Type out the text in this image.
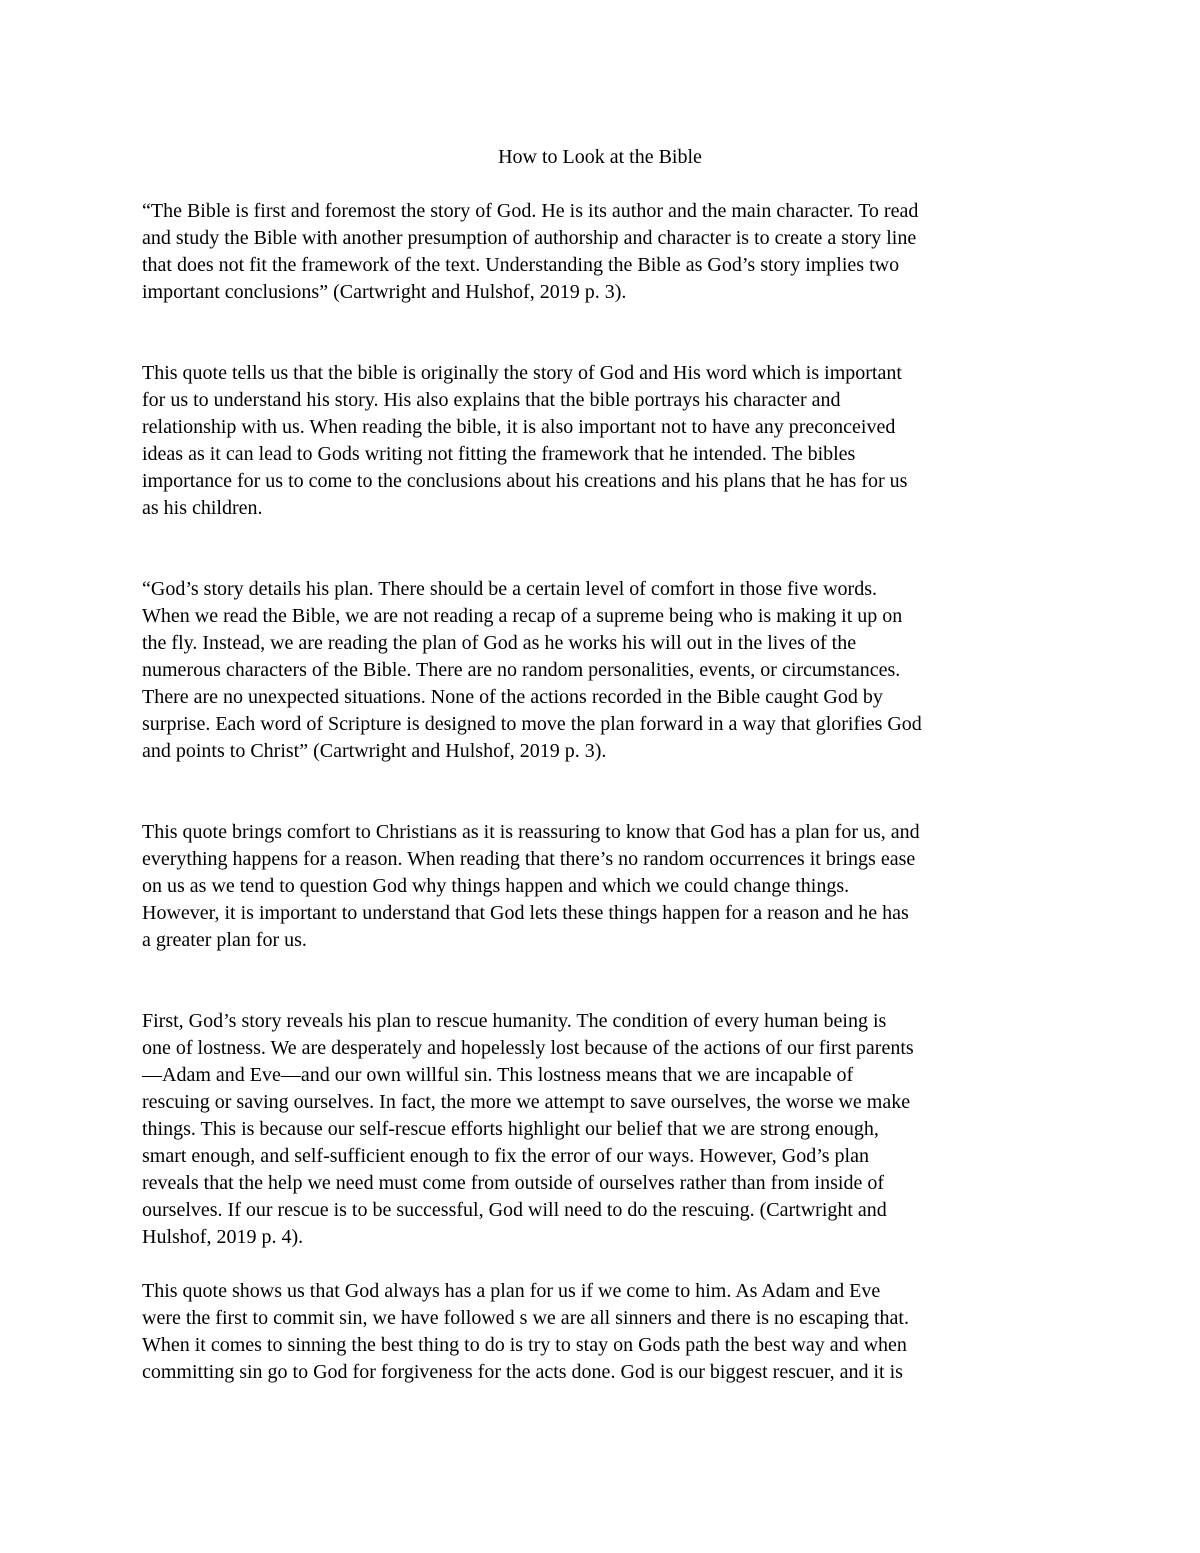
How to Look at the Bible
“The Bible is first and foremost the story of God. He is its author and the main character. To read
and study the Bible with another presumption of authorship and character is to create a story line
that does not fit the framework of the text. Understanding the Bible as God’s story implies two
important conclusions” (Cartwright and Hulshof, 2019 p. 3).
This quote tells us that the bible is originally the story of God and His word which is important
for us to understand his story. His also explains that the bible portrays his character and
relationship with us. When reading the bible, it is also important not to have any preconceived
ideas as it can lead to Gods writing not fitting the framework that he intended. The bibles
importance for us to come to the conclusions about his creations and his plans that he has for us
as his children.
“God’s story details his plan. There should be a certain level of comfort in those five words.
When we read the Bible, we are not reading a recap of a supreme being who is making it up on
the fly. Instead, we are reading the plan of God as he works his will out in the lives of the
numerous characters of the Bible. There are no random personalities, events, or circumstances.
There are no unexpected situations. None of the actions recorded in the Bible caught God by
surprise. Each word of Scripture is designed to move the plan forward in a way that glorifies God
and points to Christ” (Cartwright and Hulshof, 2019 p. 3).
This quote brings comfort to Christians as it is reassuring to know that God has a plan for us, and
everything happens for a reason. When reading that there’s no random occurrences it brings ease
on us as we tend to question God why things happen and which we could change things.
However, it is important to understand that God lets these things happen for a reason and he has
a greater plan for us.
First, God’s story reveals his plan to rescue humanity. The condition of every human being is
one of lostness. We are desperately and hopelessly lost because of the actions of our first parents
—Adam and Eve—and our own willful sin. This lostness means that we are incapable of
rescuing or saving ourselves. In fact, the more we attempt to save ourselves, the worse we make
things. This is because our self-rescue efforts highlight our belief that we are strong enough,
smart enough, and self-sufficient enough to fix the error of our ways. However, God’s plan
reveals that the help we need must come from outside of ourselves rather than from inside of
ourselves. If our rescue is to be successful, God will need to do the rescuing. (Cartwright and
Hulshof, 2019 p. 4).
This quote shows us that God always has a plan for us if we come to him. As Adam and Eve
were the first to commit sin, we have followed s we are all sinners and there is no escaping that.
When it comes to sinning the best thing to do is try to stay on Gods path the best way and when
committing sin go to God for forgiveness for the acts done. God is our biggest rescuer, and it is
